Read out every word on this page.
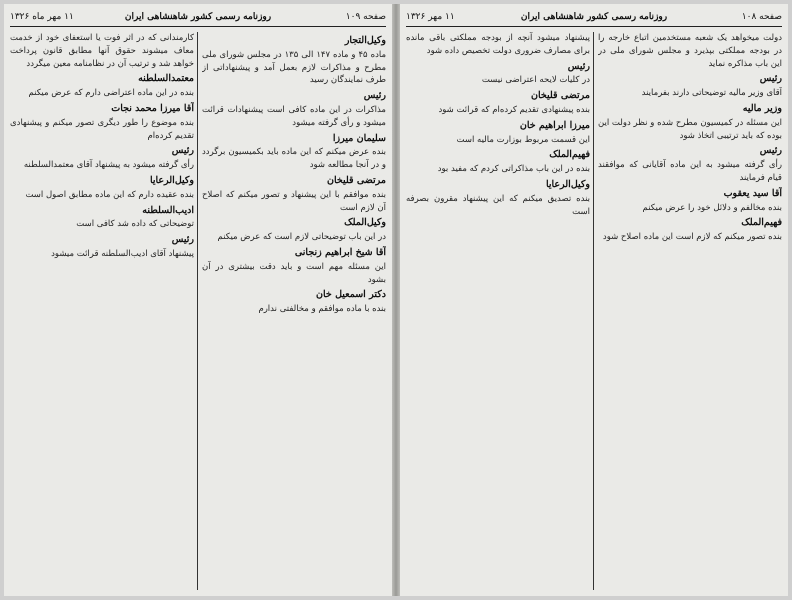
صفحه ۱۰۹
روزنامه رسمی کشور شاهنشاهی ایران
۱۱ مهر ماه ۱۳۲۶
وکیل‌التجار
ماده ۴۵ و ماده ۱۴۷ الی ۱۳۵ در مجلس شورای ملی مطرح و مذاکرات لازم بعمل آمد و پیشنهاداتی از طرف نمایندگان رسید
رئیس
مذاکرات در این ماده کافی است پیشنهادات قرائت میشود و رأی گرفته میشود
سلیمان میرزا
بنده عرض میکنم که این ماده باید بکمیسیون برگردد و در آنجا مطالعه شود
مرتضی قلیخان
بنده موافقم با این پیشنهاد و تصور میکنم که اصلاح آن لازم است
وکیل‌الملک
در این باب توضیحاتی لازم است که عرض میکنم
آقا شیخ ابراهیم زنجانی
این مسئله مهم است و باید دقت بیشتری در آن بشود
دکتر اسمعیل خان
بنده با ماده موافقم و مخالفتی ندارم
کارمندانی که در اثر فوت یا استعفای خود از خدمت معاف میشوند حقوق آنها مطابق قانون پرداخت خواهد شد و ترتیب آن در نظامنامه معین میگردد
معتمدالسلطنه
بنده در این ماده اعتراضی دارم که عرض میکنم
آقا میرزا محمد نجات
بنده موضوع را طور دیگری تصور میکنم و پیشنهادی تقدیم کرده‌ام
رئیس
رأی گرفته میشود به پیشنهاد آقای معتمدالسلطنه
وکیل‌الرعایا
بنده عقیده دارم که این ماده مطابق اصول است
ادیب‌السلطنه
توضیحاتی که داده شد کافی است
رئیس
پیشنهاد آقای ادیب‌السلطنه قرائت میشود
صفحه ۱۰۸
روزنامه رسمی کشور شاهنشاهی ایران
۱۱ مهر ۱۳۲۶
دولت میخواهد یک شعبه مستخدمین اتباع خارجه را در بودجه مملکتی بپذیرد و مجلس شورای ملی در این باب مذاکره نماید
رئیس
آقای وزیر مالیه توضیحاتی دارند بفرمایند
وزیر مالیه
این مسئله در کمیسیون مطرح شده و نظر دولت این بوده که باید ترتیبی اتخاذ شود
رئیس
رأی گرفته میشود به این ماده آقایانی که موافقند قیام فرمایند
آقا سید یعقوب
بنده مخالفم و دلائل خود را عرض میکنم
فهیم‌الملک
بنده تصور میکنم که لازم است این ماده اصلاح شود
پیشنهاد میشود آنچه از بودجه مملکتی باقی مانده برای مصارف ضروری دولت تخصیص داده شود
رئیس
در کلیات لایحه اعتراضی نیست
مرتضی قلیخان
بنده پیشنهادی تقدیم کرده‌ام که قرائت شود
میرزا ابراهیم خان
این قسمت مربوط بوزارت مالیه است
فهیم‌الملک
بنده در این باب مذاکراتی کردم که مفید بود
وکیل‌الرعایا
بنده تصدیق میکنم که این پیشنهاد مقرون بصرفه است
